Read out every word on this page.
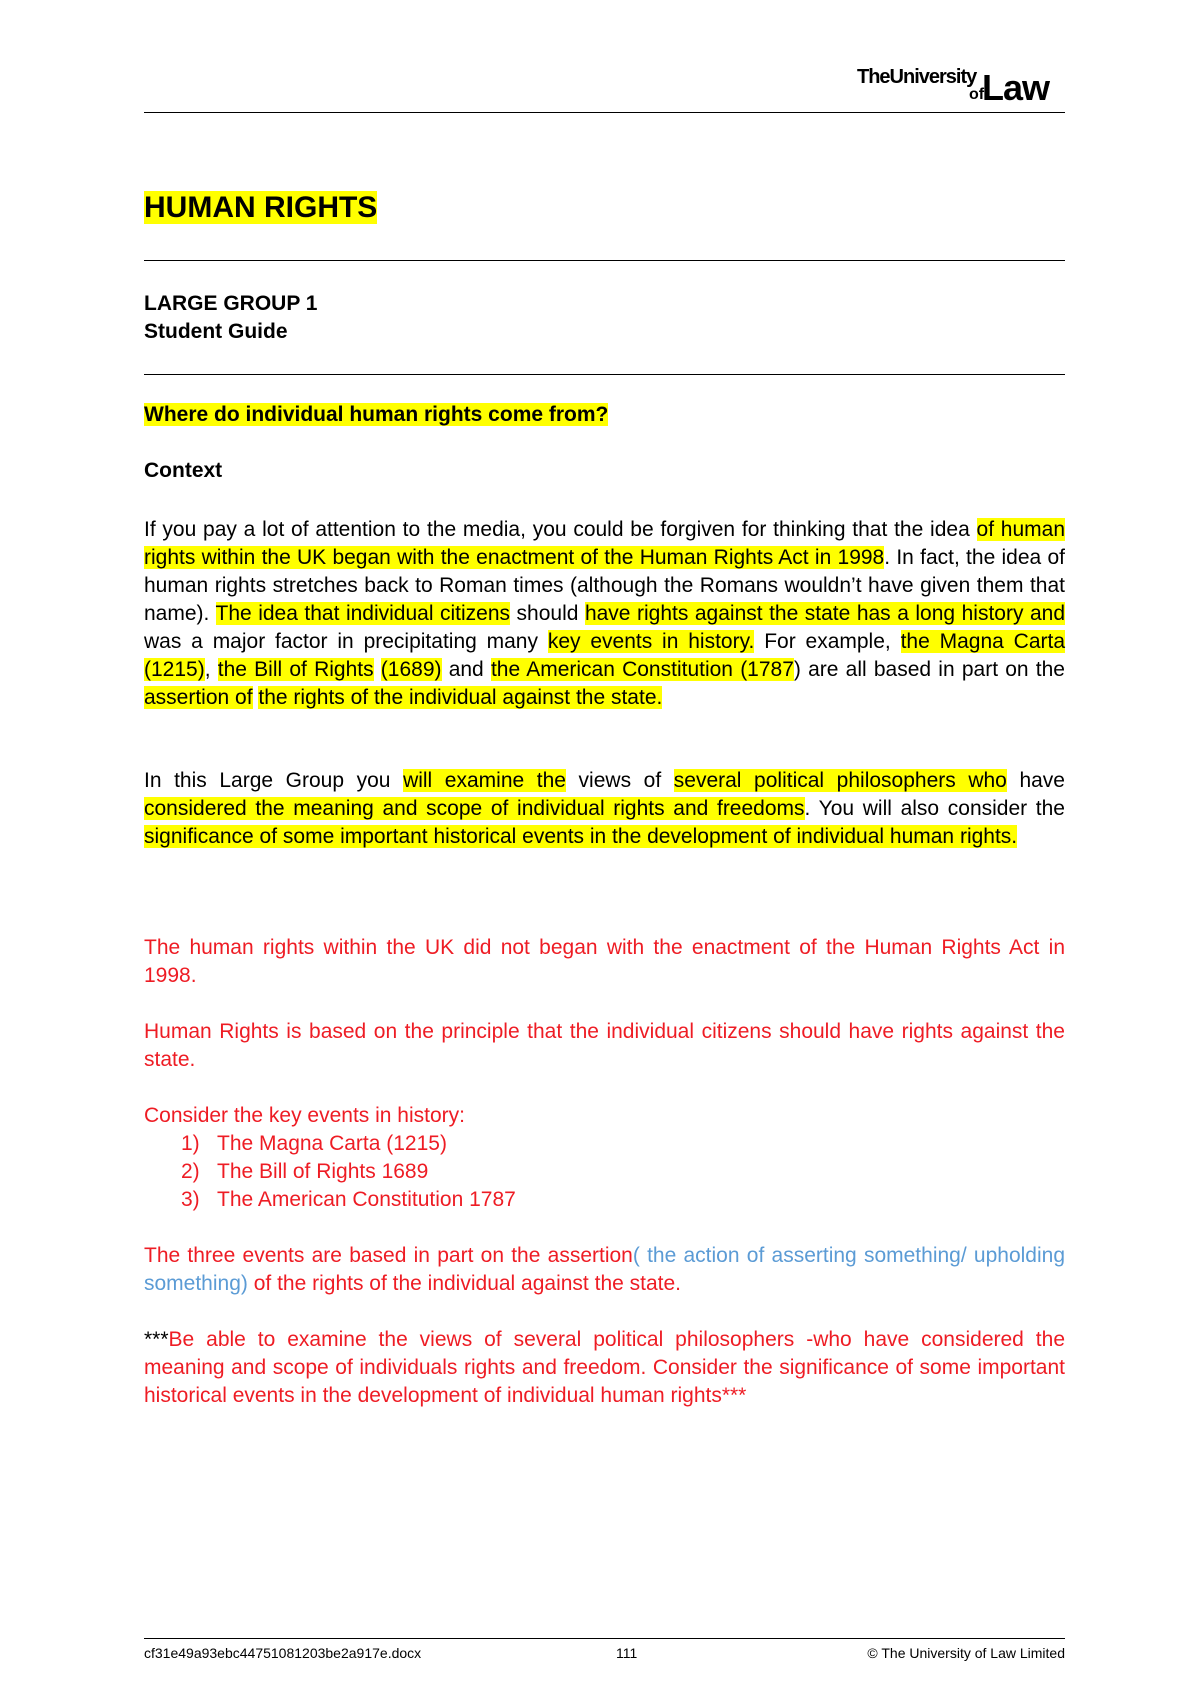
TheUniversity
of
Law
HUMAN RIGHTS
LARGE GROUP 1
Student Guide
Where do individual human rights come from?
Context
If you pay a lot of attention to the media, you could be forgiven for thinking that the idea of human rights within the UK began with the enactment of the Human Rights Act in 1998. In fact, the idea of human rights stretches back to Roman times (although the Romans wouldn’t have given them that name). The idea that individual citizens should have rights against the state has a long history and was a major factor in precipitating many key events in history. For example, the Magna Carta (1215), the Bill of Rights (1689) and the American Constitution (1787) are all based in part on the assertion of the rights of the individual against the state.
In this Large Group you will examine the views of several political philosophers who have considered the meaning and scope of individual rights and freedoms. You will also consider the significance of some important historical events in the development of individual human rights.
The human rights within the UK did not began with the enactment of the Human Rights Act in 1998.
Human Rights is based on the principle that the individual citizens should have rights against the state.
Consider the key events in history:
1) The Magna Carta (1215)
2) The Bill of Rights 1689
3) The American Constitution 1787
The three events are based in part on the assertion( the action of asserting something/ upholding something) of the rights of the individual against the state.
***Be able to examine the views of several political philosophers -who have considered the meaning and scope of individuals rights and freedom. Consider the significance of some important historical events in the development of individual human rights***
cf31e49a93ebc44751081203be2a917e.docx	111	© The University of Law Limited
